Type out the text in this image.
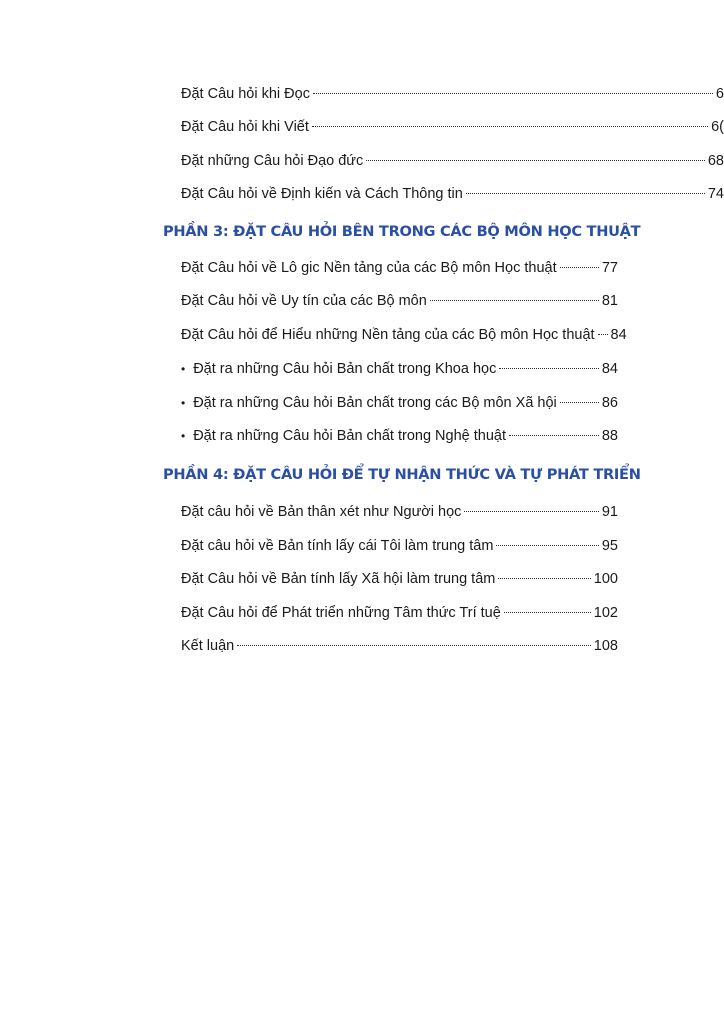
Đặt Câu hỏi khi Đọc	6
Đặt Câu hỏi khi Viết	6(
Đặt những Câu hỏi Đạo đức	68
Đặt Câu hỏi về Định kiến và Cách Thông tin	74
PHẦN 3: ĐẶT CÂU HỎI BÊN TRONG CÁC BỘ MÔN HỌC THUẬT
Đặt Câu hỏi về Lô gic Nền tảng của các Bộ môn Học thuật	77
Đặt Câu hỏi về Uy tín của các Bộ môn	81
Đặt Câu hỏi để Hiểu những Nền tảng của các Bộ môn Học thuật 84
• Đặt ra những Câu hỏi Bản chất trong Khoa học	84
• Đặt ra những Câu hỏi Bản chất trong các Bộ môn Xã hội	86
• Đặt ra những Câu hỏi Bản chất trong Nghệ thuật	88
PHẦN 4: ĐẶT CÂU HỎI ĐỂ TỰ NHẬN THỨC VÀ TỰ PHÁT TRIỂN
Đặt câu hỏi về Bản thân xét như Người học	91
Đặt câu hỏi về Bản tính lấy cái Tôi làm trung tâm	95
Đặt Câu hỏi về Bản tính lấy Xã hội làm trung tâm	100
Đặt Câu hỏi để Phát triển những Tâm thức Trí tuệ	102
Kết luận	108
